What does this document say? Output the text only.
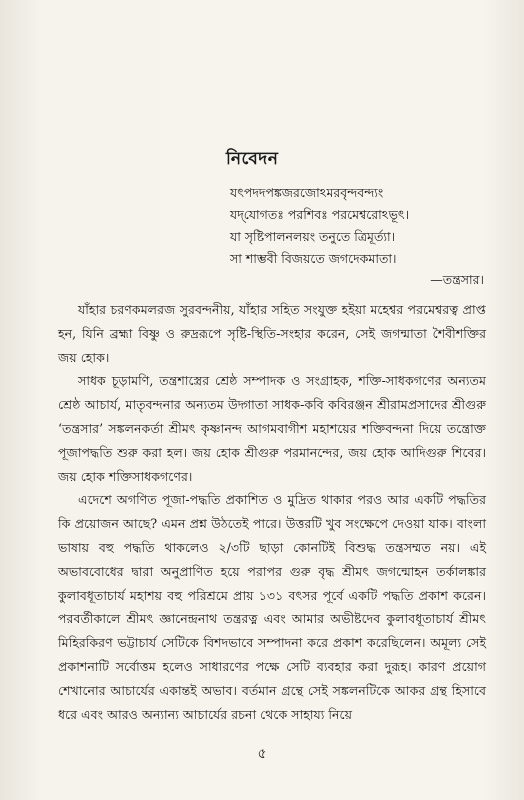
নিবেদন
যৎপদদপঙ্কজরজোঽমরবৃন্দবন্দ্যং
যদ্‌যোগতঃ পরশিবঃ পরমেশ্বরোঽভূৎ।
যা সৃষ্টিপালনলয়ং তনুতে ত্রিমূর্ত্যা।
সা শাম্ভবী বিজয়তে জগদেকমাতা।
—তন্ত্রসার।

যাঁহার চরণকমলরজ সুরবন্দনীয়, যাঁহার সহিত সংযুক্ত হইয়া মহেশ্বর পরমেশ্বরত্ব প্রাপ্ত হন, যিনি ব্রহ্মা বিষ্ণু ও রুদ্ররূপে সৃষ্টি-স্থিতি-সংহার করেন, সেই জগন্মাতা শৈবীশক্তির জয় হোক।

সাধক চূড়ামণি, তন্ত্রশাস্ত্রের শ্রেষ্ঠ সম্পাদক ও সংগ্রাহক, শক্তি-সাধকগণের অন্যতম শ্রেষ্ঠ আচার্য, মাতৃবন্দনার অন্যতম উদ্গাতা সাধক-কবি কবিরঞ্জন শ্রীরামপ্রসাদের শ্রীগুরু ‘তন্ত্রসার’ সঙ্কলনকর্তা শ্রীমৎ কৃষ্ণানন্দ আগমবাগীশ মহাশয়ের শক্তিবন্দনা দিয়ে তন্ত্রোক্ত পূজাপদ্ধতি শুরু করা হল। জয় হোক শ্রীগুরু পরমানন্দের, জয় হোক আদিগুরু শিবের। জয় হোক শক্তিসাধকগণের।

এদেশে অগণিত পূজা-পদ্ধতি প্রকাশিত ও মুদ্রিত থাকার পরও আর একটি পদ্ধতির কি প্রয়োজন আছে? এমন প্রশ্ন উঠতেই পারে। উত্তরটি খুব সংক্ষেপে দেওয়া যাক। বাংলা ভাষায় বহু পদ্ধতি থাকলেও ২/৩টি ছাড়া কোনটিই বিশুদ্ধ তন্ত্রসম্মত নয়। এই অভাববোধের দ্বারা অনুপ্রাণিত হয়ে পরাপর গুরু বৃদ্ধ শ্রীমৎ জগন্মোহন তর্কালঙ্কার কুলাবধূতাচার্য মহাশয় বহু পরিশ্রমে প্রায় ১৩১ বৎসর পূর্বে একটি পদ্ধতি প্রকাশ করেন। পরবর্তীকালে শ্রীমৎ জ্ঞানেন্দ্রনাথ তন্ত্ররত্ন এবং আমার অভীষ্টদেব কুলাবধূতাচার্য শ্রীমৎ মিহিরকিরণ ভট্টাচার্য সেটিকে বিশদভাবে সম্পাদনা করে প্রকাশ করেছিলেন। অমূল্য সেই প্রকাশনাটি সর্বোত্তম হলেও সাধারণের পক্ষে সেটি ব্যবহার করা দুরূহ। কারণ প্রয়োগ শেখানোর আচার্যের একান্তই অভাব। বর্তমান গ্রন্থে সেই সঙ্কলনটিকে আকর গ্রন্থ হিসাবে ধরে এবং আরও অন্যান্য আচার্যের রচনা থেকে সাহায্য নিয়ে

৫
